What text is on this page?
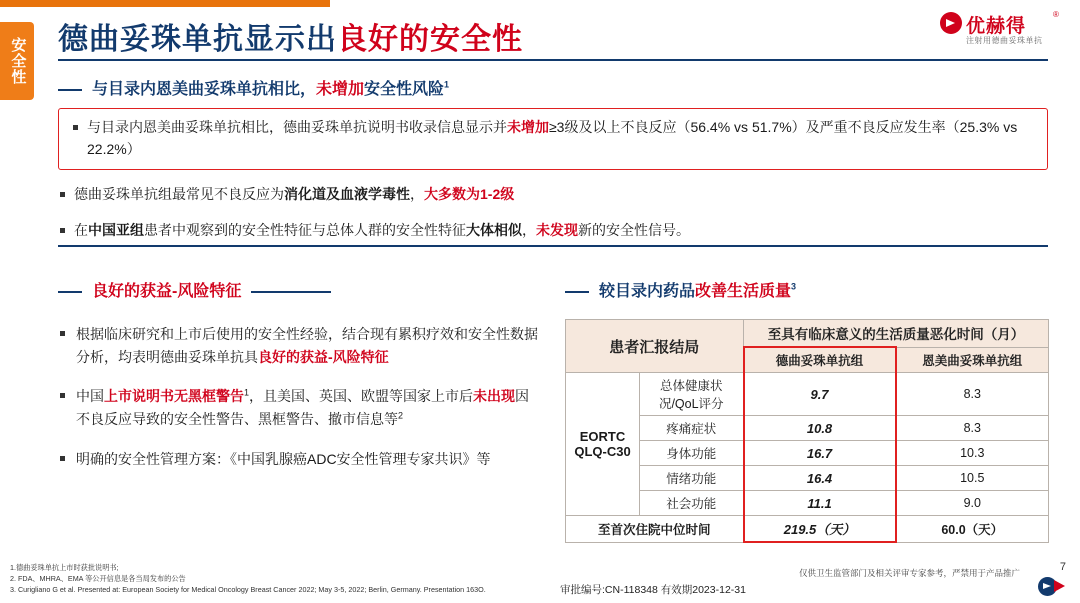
安全性 德曲妥珠单抗显示出良好的安全性	优赫得
®
注射用德曲妥珠单抗
与目录内恩美曲妥珠单抗相比，未增加安全性风险$^1$
与目录内恩美曲妥珠单抗相比，德曲妥珠单抗说明书收录信息显示并未增加≥3级及以上不良反应（56.4% vs 51.7%）及严重不良反应发生率（25.3% vs 22.2%）
德曲妥珠单抗组最常见不良反应为消化道及血液学毒性，大多数为1-2级
在中国亚组患者中观察到的安全性特征与总体人群的安全性特征大体相似，未发现新的安全性信号。
良好的获益-风险特征
根据临床研究和上市后使用的安全性经验，结合现有累积疗效和安全性数据分析，均表明德曲妥珠单抗具良好的获益-风险特征
中国上市说明书无黑框警告$^1$，且美国、英国、欧盟等国家上市后未出现因不良反应导致的安全性警告、黑框警告、撤市信息等$^2$
明确的安全性管理方案：《中国乳腺癌ADC安全性管理专家共识》等
较目录内药品改善生活质量$^3$
患者汇报结局		至具有临床意义的生活质量恶化时间（月）	
		德曲妥珠单抗组	恩美曲妥珠单抗组
EORTC QLQ-C30	总体健康状况/QoL评分	9.7	8.3
	疼痛症状	10.8	8.3
	身体功能	16.7	10.3
	情绪功能	16.4	10.5
	社会功能	11.1	9.0
至首次住院中位时间		219.5（天）	60.0（天）
1.德曲妥珠单抗上市时获批说明书;
2. FDA、MHRA、EMA 等公开信息是各当局发布的公告
3. Curigliano G et al. Presented at: European Society for Medical Oncology Breast Cancer 2022; May 3-5, 2022; Berlin, Germany. Presentation 163O.
仅供卫生监管部门及相关评审专家参考，严禁用于产品推广
审批编号:CN-118348 有效期2023-12-31
7
